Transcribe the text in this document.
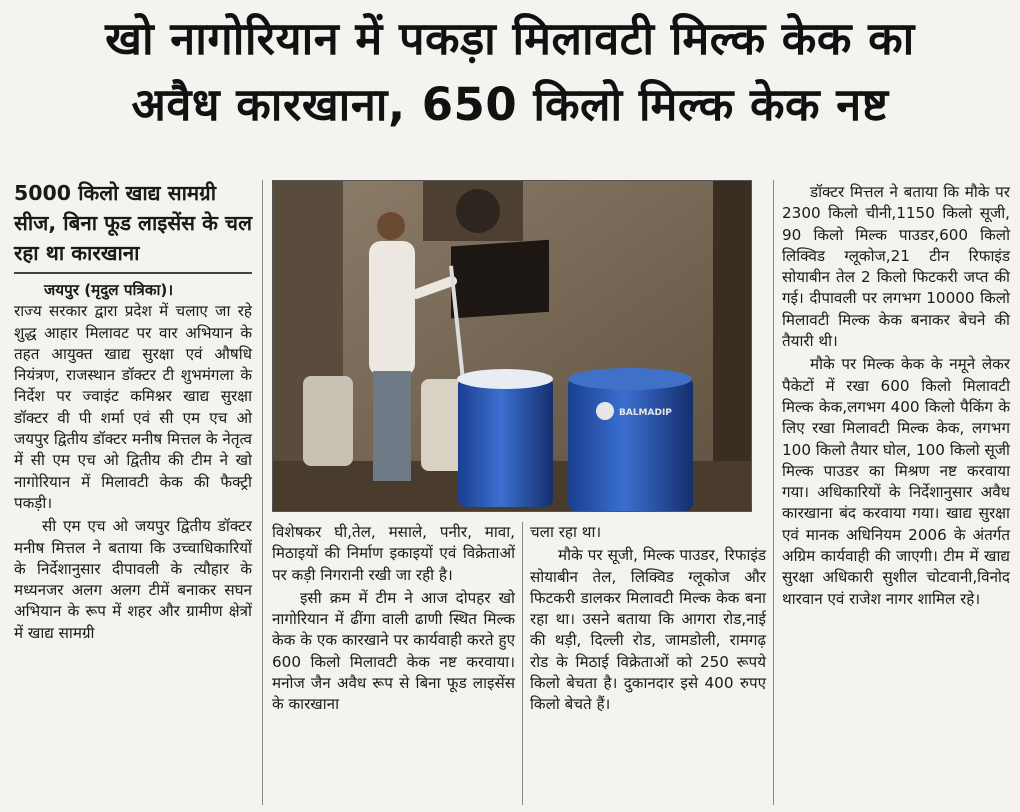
खो नागोरियान में पकड़ा मिलावटी मिल्क केक का
अवैध कारखाना, 650 किलो मिल्क केक नष्ट
5000 किलो खाद्य सामग्री सीज, बिना फूड लाइसेंस के चल रहा था कारखाना
जयपुर (मृदुल पत्रिका)।

राज्य सरकार द्वारा प्रदेश में चलाए जा रहे शुद्ध आहार मिलावट पर वार अभियान के तहत आयुक्त खाद्य सुरक्षा एवं औषधि नियंत्रण, राजस्थान डॉक्टर टी शुभमंगला के निर्देश पर ज्वाइंट कमिश्नर खाद्य सुरक्षा डॉक्टर वी पी शर्मा एवं सी एम एच ओ जयपुर द्वितीय डॉक्टर मनीष मित्तल के नेतृत्व में सी एम एच ओ द्वितीय की टीम ने खो नागोरियान में मिलावटी केक की फैक्ट्री पकड़ी।

सी एम एच ओ जयपुर द्वितीय डॉक्टर मनीष मित्तल ने बताया कि उच्चाधिकारियों के निर्देशानुसार दीपावली के त्यौहार के मध्यनजर अलग अलग टीमें बनाकर सघन अभियान के रूप में शहर और ग्रामीण क्षेत्रों में खाद्य सामग्री

BALMADIP

विशेषकर घी,तेल, मसाले, पनीर, मावा, मिठाइयों की निर्माण इकाइयों एवं विक्रेताओं पर कड़ी निगरानी रखी जा रही है।

इसी क्रम में टीम ने आज दोपहर खो नागोरियान में ढींगा वाली ढाणी स्थित मिल्क केक के एक कारखाने पर कार्यवाही करते हुए 600 किलो मिलावटी केक नष्ट करवाया। मनोज जैन अवैध रूप से बिना फूड लाइसेंस के कारखाना

चला रहा था।

मौके पर सूजी, मिल्क पाउडर, रिफाइंड सोयाबीन तेल, लिक्विड ग्लूकोज और फिटकरी डालकर मिलावटी मिल्क केक बना रहा था। उसने बताया कि आगरा रोड,नाई की थड़ी, दिल्ली रोड, जामडोली, रामगढ़ रोड के मिठाई विक्रेताओं को 250 रूपये किलो बेचता है। दुकानदार इसे 400 रुपए किलो बेचते हैं।

डॉक्टर मित्तल ने बताया कि मौके पर 2300 किलो चीनी,1150 किलो सूजी, 90 किलो मिल्क पाउडर,600 किलो लिक्विड ग्लूकोज,21 टीन रिफाइंड सोयाबीन तेल 2 किलो फिटकरी जप्त की गई। दीपावली पर लगभग 10000 किलो मिलावटी मिल्क केक बनाकर बेचने की तैयारी थी।

मौके पर मिल्क केक के नमूने लेकर पैकेटों में रखा 600 किलो मिलावटी मिल्क केक,लगभग 400 किलो पैकिंग के लिए रखा मिलावटी मिल्क केक, लगभग 100 किलो तैयार घोल, 100 किलो सूजी मिल्क पाउडर का मिश्रण नष्ट करवाया गया। अधिकारियों के निर्देशानुसार अवैध कारखाना बंद करवाया गया। खाद्य सुरक्षा एवं मानक अधिनियम 2006 के अंतर्गत अग्रिम कार्यवाही की जाएगी। टीम में खाद्य सुरक्षा अधिकारी सुशील चोटवानी,विनोद थारवान एवं राजेश नागर शामिल रहे।
